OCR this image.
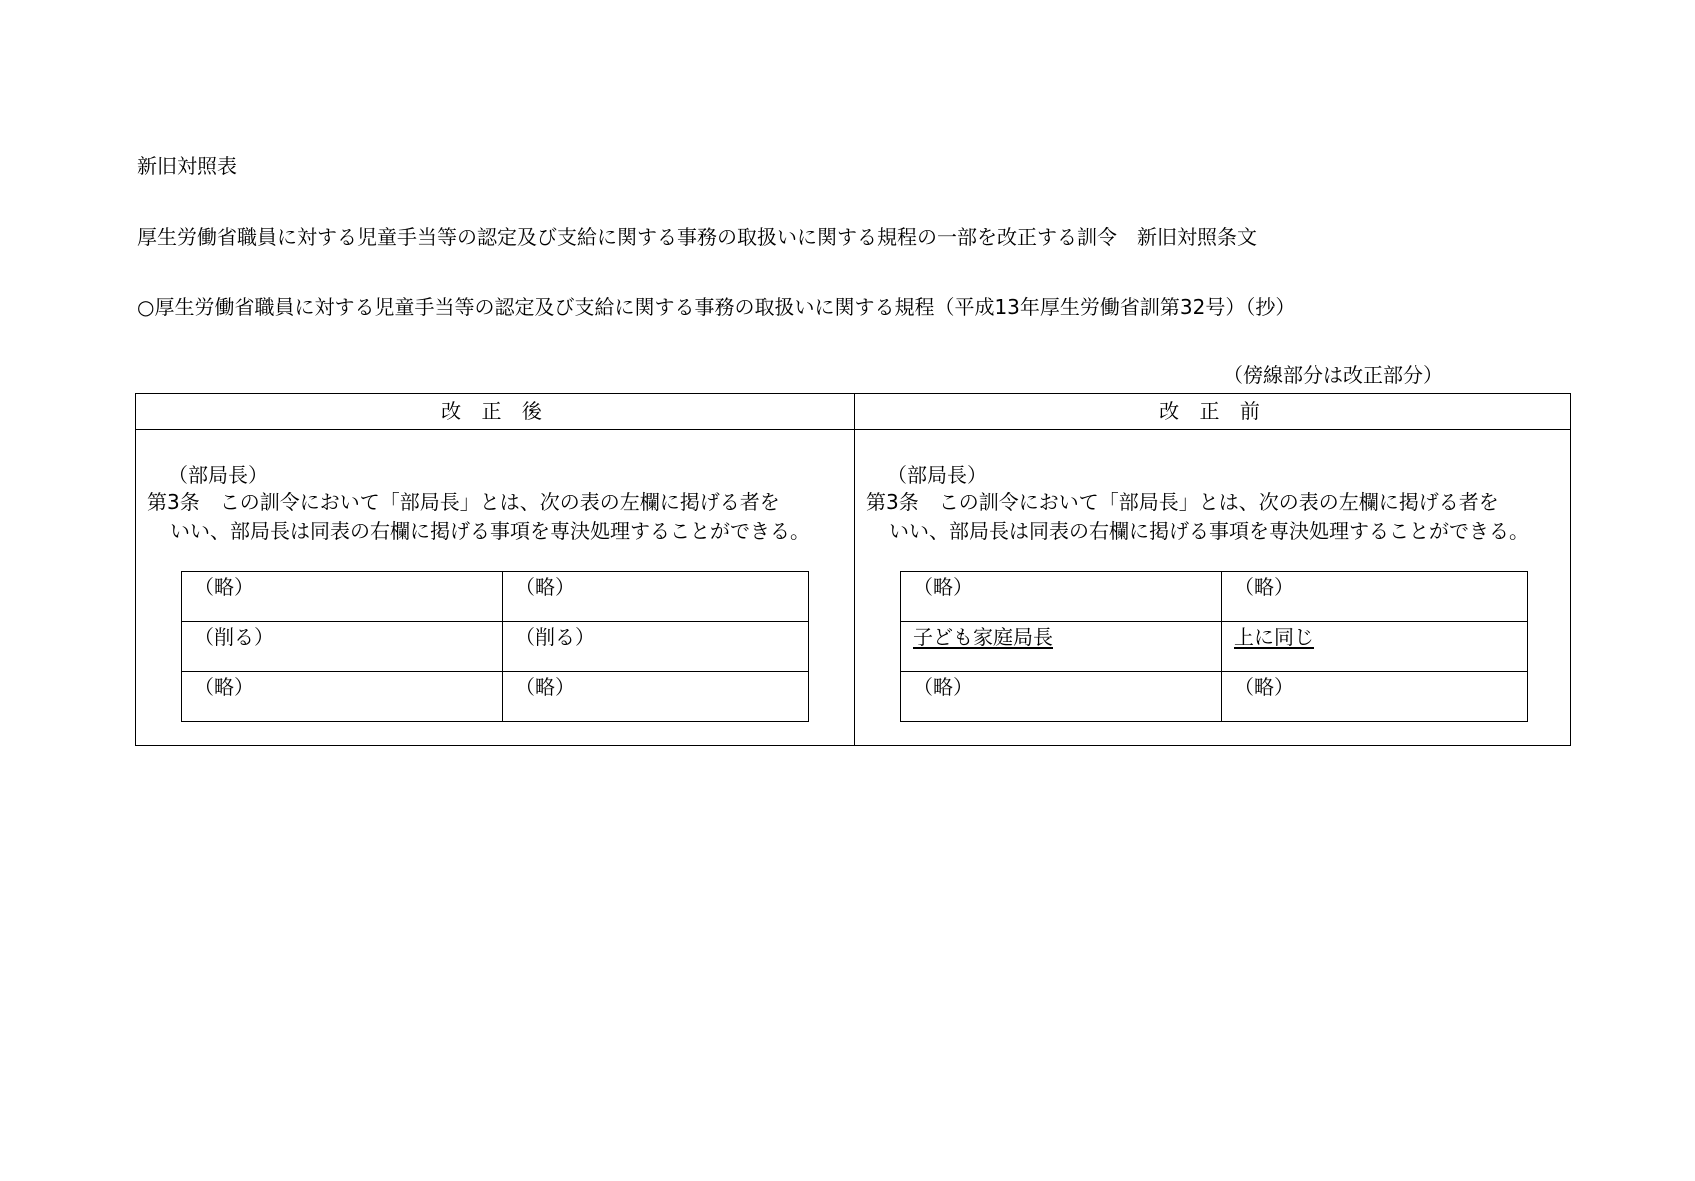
新旧対照表
厚生労働省職員に対する児童手当等の認定及び支給に関する事務の取扱いに関する規程の一部を改正する訓令　新旧対照条文
○厚生労働省職員に対する児童手当等の認定及び支給に関する事務の取扱いに関する規程（平成13年厚生労働省訓第32号）（抄）
（傍線部分は改正部分）
改 正 後	改 正 前
（部局長）
第3条　 この訓令において「部局長」とは、次の表の左欄に掲げる者を
いい、部局長は同表の右欄に掲げる事項を専決処理することができる。
（略）	（略）
（削る）	（削る）
（略）	（略）
（部局長）
第3条　 この訓令において「部局長」とは、次の表の左欄に掲げる者を
いい、部局長は同表の右欄に掲げる事項を専決処理することができる。
（略）	（略）
子ども家庭局長	上に同じ
（略）	（略）
